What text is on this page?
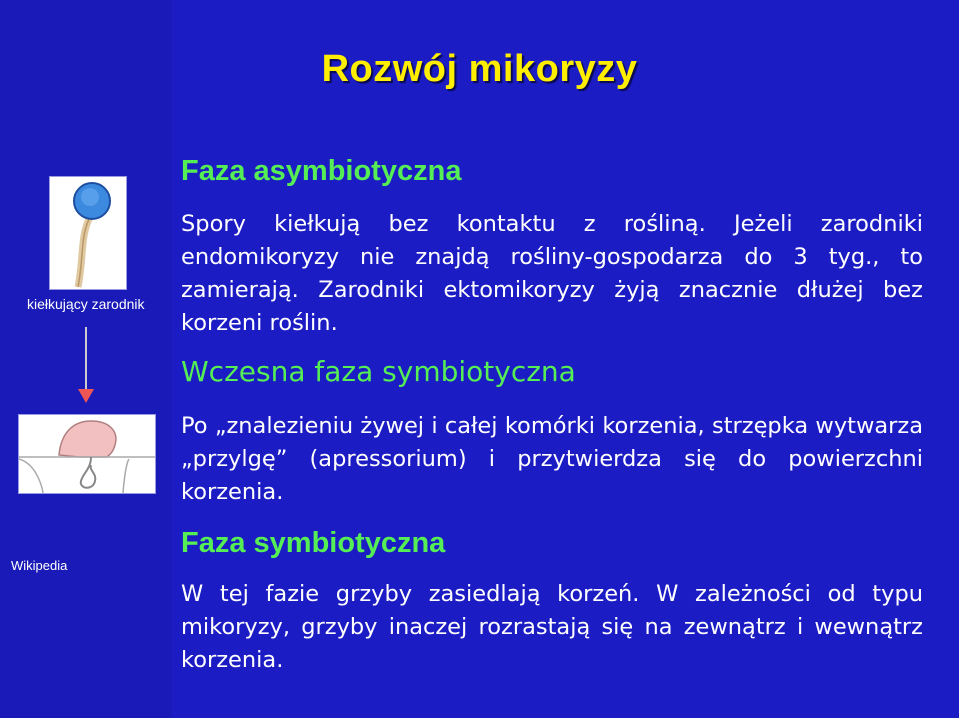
Rozwój mikoryzy
kiełkujący zarodnik
Wikipedia
Faza asymbiotyczna
Spory kiełkują bez kontaktu z rośliną. Jeżeli zarodniki endomikoryzy nie znajdą rośliny-gospodarza do 3 tyg., to zamierają. Zarodniki ektomikoryzy żyją znacznie dłużej bez korzeni roślin.
Wczesna faza symbiotyczna
Po „znalezieniu żywej i całej komórki korzenia, strzępka wytwarza „przylgę” (apressorium) i przytwierdza się do powierzchni korzenia.
Faza symbiotyczna
W tej fazie grzyby zasiedlają korzeń. W zależności od typu mikoryzy, grzyby inaczej rozrastają się na zewnątrz i wewnątrz korzenia.
